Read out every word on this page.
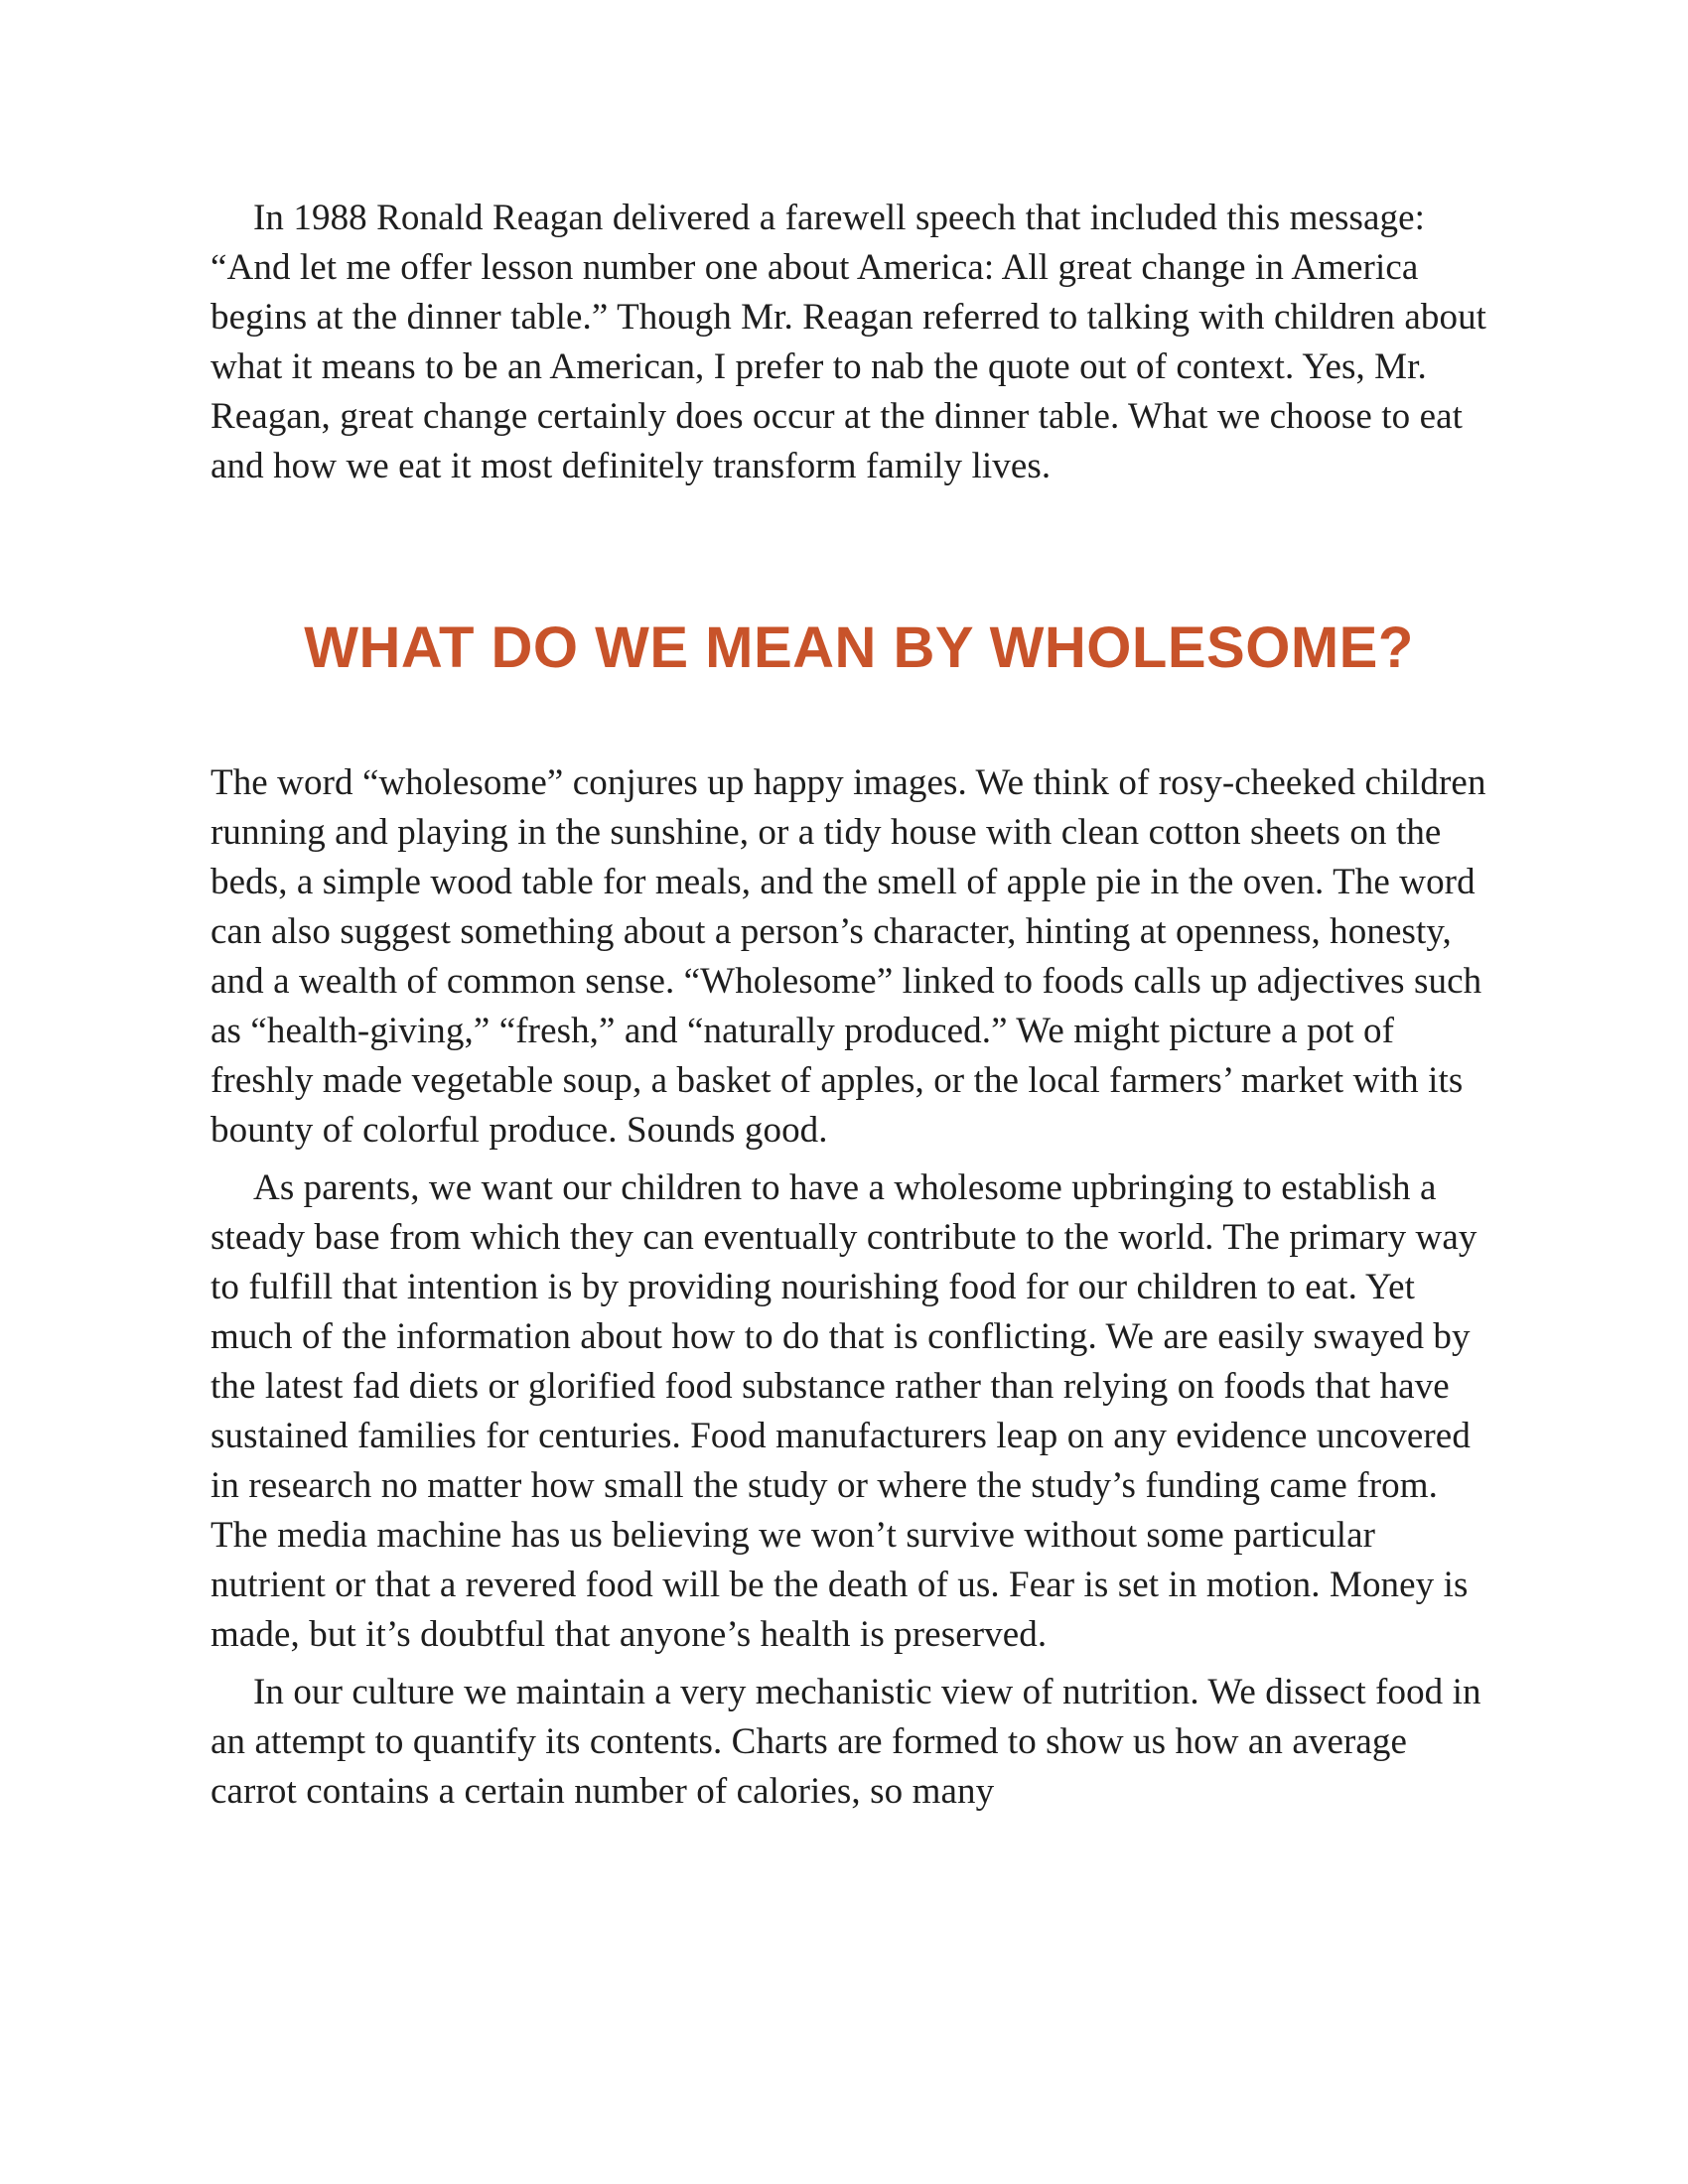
In 1988 Ronald Reagan delivered a farewell speech that included this message: “And let me offer lesson number one about America: All great change in America begins at the dinner table.” Though Mr. Reagan referred to talking with children about what it means to be an American, I prefer to nab the quote out of context. Yes, Mr. Reagan, great change certainly does occur at the dinner table. What we choose to eat and how we eat it most definitely transform family lives.

WHAT DO WE MEAN BY WHOLESOME?

The word “wholesome” conjures up happy images. We think of rosy-cheeked children running and playing in the sunshine, or a tidy house with clean cotton sheets on the beds, a simple wood table for meals, and the smell of apple pie in the oven. The word can also suggest something about a person’s character, hinting at openness, honesty, and a wealth of common sense. “Wholesome” linked to foods calls up adjectives such as “health-giving,” “fresh,” and “naturally produced.” We might picture a pot of freshly made vegetable soup, a basket of apples, or the local farmers’ market with its bounty of colorful produce. Sounds good.

As parents, we want our children to have a wholesome upbringing to establish a steady base from which they can eventually contribute to the world. The primary way to fulfill that intention is by providing nourishing food for our children to eat. Yet much of the information about how to do that is conflicting. We are easily swayed by the latest fad diets or glorified food substance rather than relying on foods that have sustained families for centuries. Food manufacturers leap on any evidence uncovered in research no matter how small the study or where the study’s funding came from. The media machine has us believing we won’t survive without some particular nutrient or that a revered food will be the death of us. Fear is set in motion. Money is made, but it’s doubtful that anyone’s health is preserved.

In our culture we maintain a very mechanistic view of nutrition. We dissect food in an attempt to quantify its contents. Charts are formed to show us how an average carrot contains a certain number of calories, so many
